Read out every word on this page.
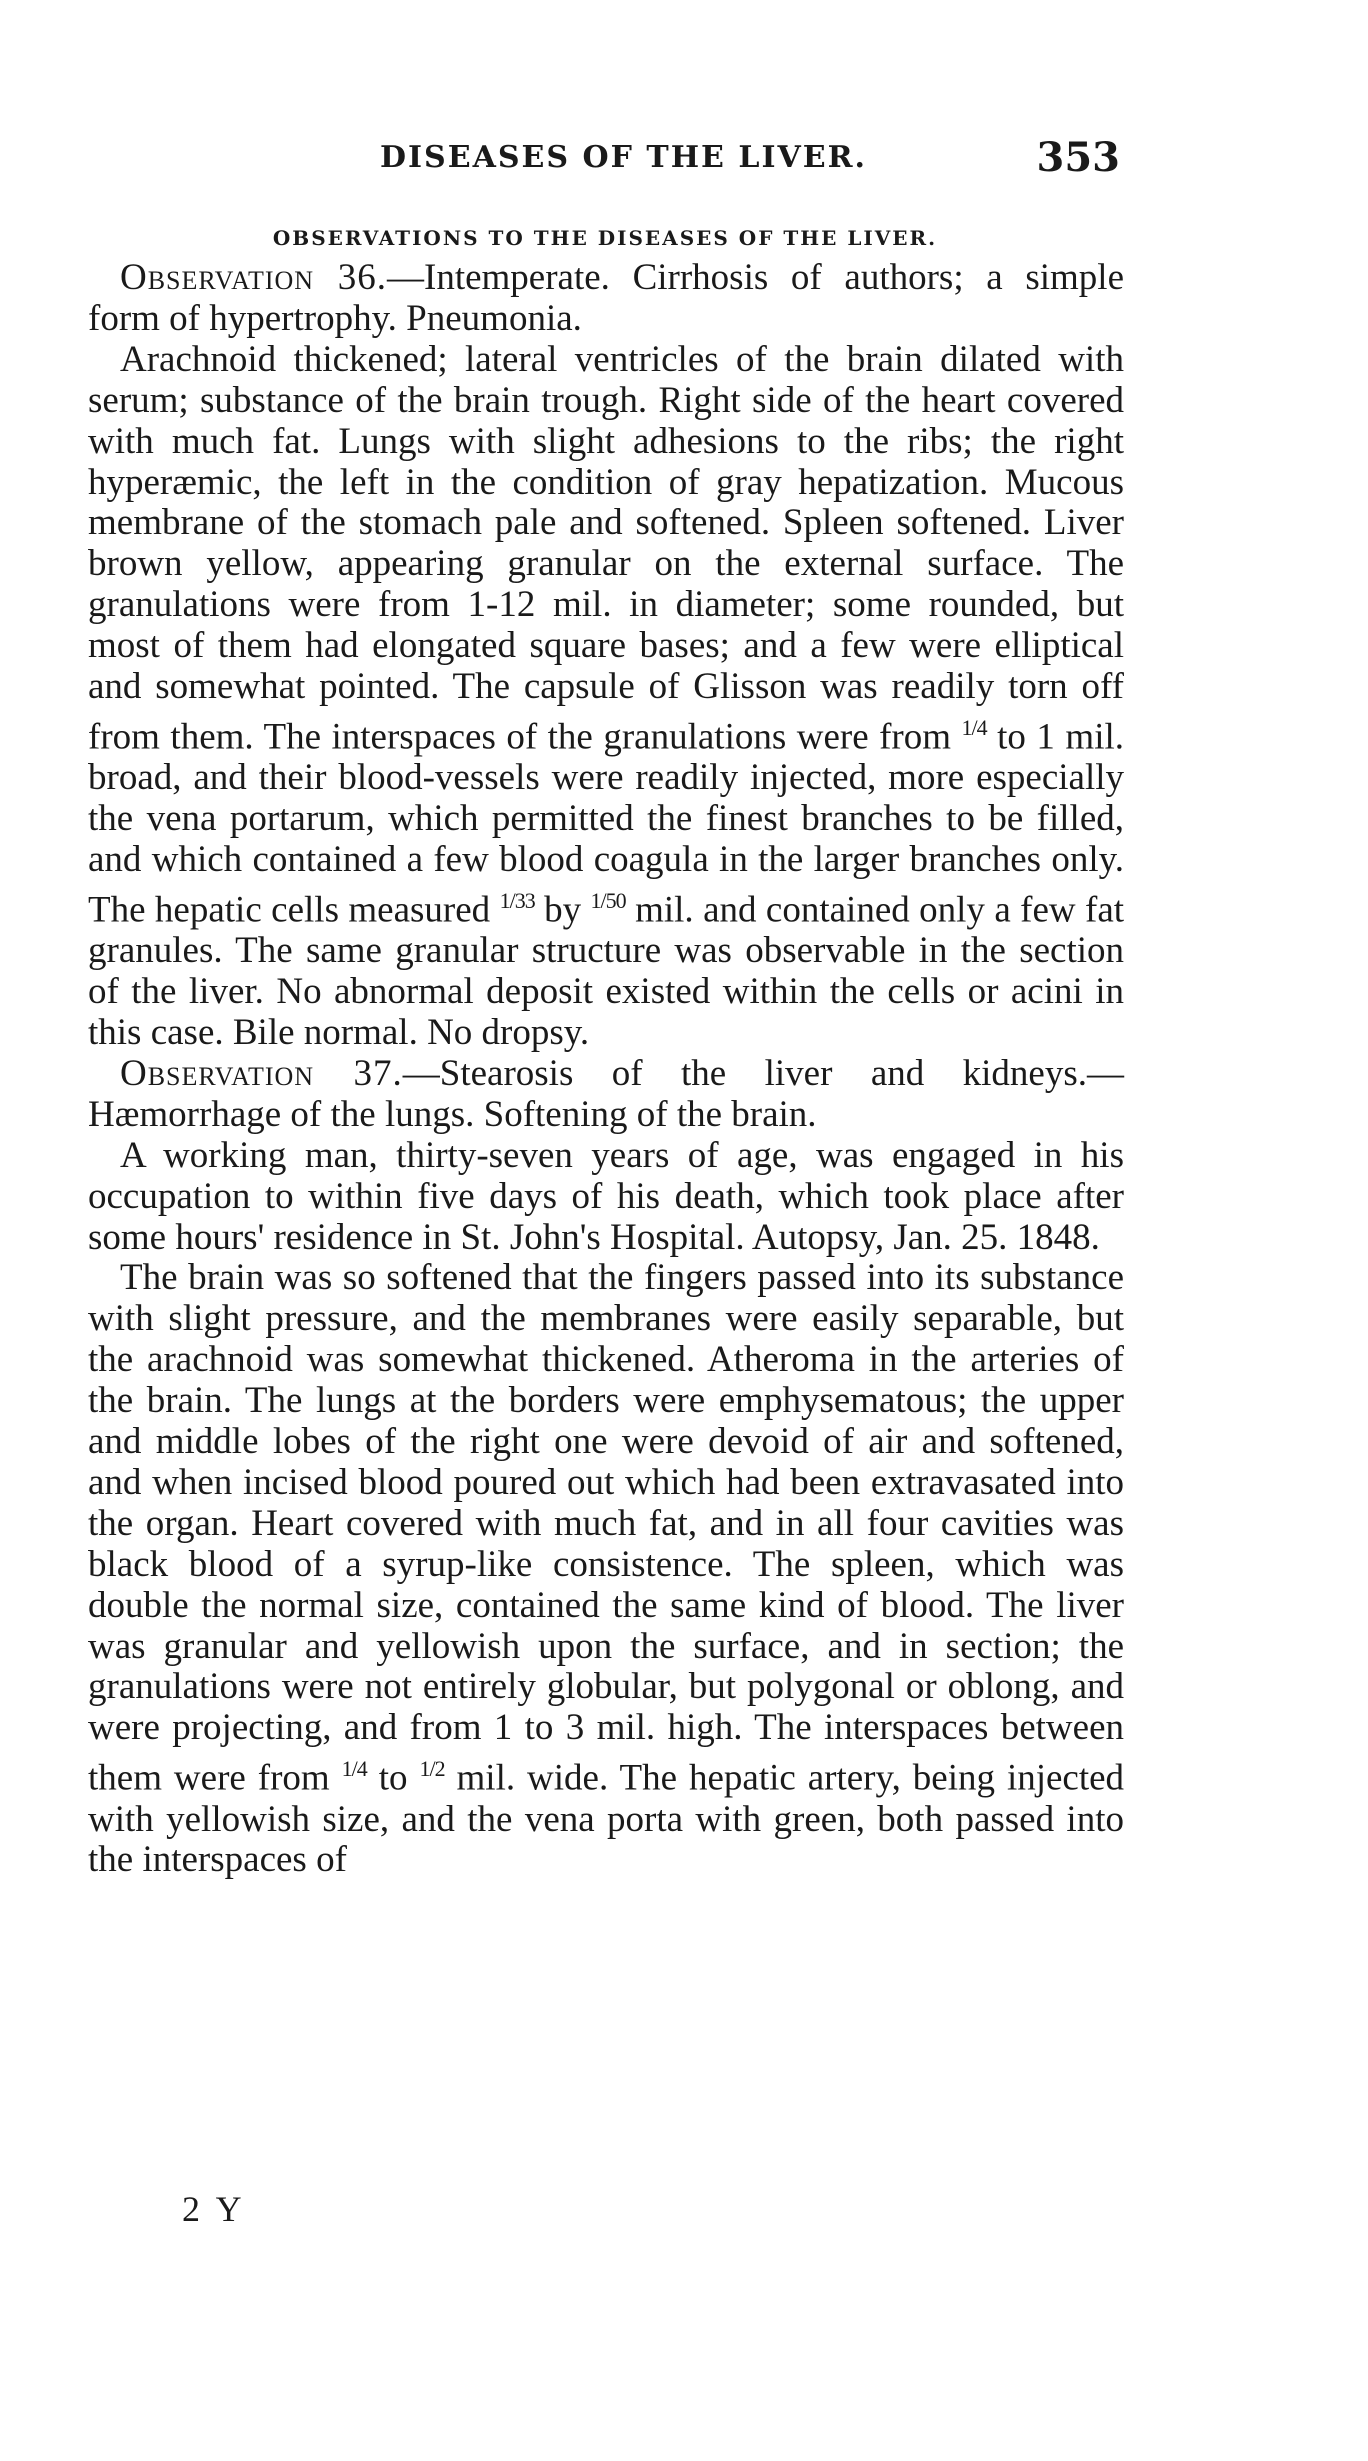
DISEASES OF THE LIVER.	353
OBSERVATIONS TO THE DISEASES OF THE LIVER.

Observation 36.—Intemperate. Cirrhosis of authors; a simple form of hypertrophy. Pneumonia.

Arachnoid thickened; lateral ventricles of the brain dilated with serum; substance of the brain trough. Right side of the heart covered with much fat. Lungs with slight adhesions to the ribs; the right hyperæmic, the left in the condition of gray hepatization. Mucous membrane of the stomach pale and softened. Spleen softened. Liver brown yellow, appearing granular on the external surface. The granulations were from 1-12 mil. in diameter; some rounded, but most of them had elongated square bases; and a few were elliptical and somewhat pointed. The capsule of Glisson was readily torn off from them. The interspaces of the granulations were from $^{1/4}$ to 1 mil. broad, and their blood-vessels were readily injected, more especially the vena portarum, which permitted the finest branches to be filled, and which contained a few blood coagula in the larger branches only. The hepatic cells measured $^{1/33}$ by $^{1/50}$ mil. and contained only a few fat granules. The same granular structure was observable in the section of the liver. No abnormal deposit existed within the cells or acini in this case. Bile normal. No dropsy.

Observation 37.—Stearosis of the liver and kidneys.—Hæmorrhage of the lungs. Softening of the brain.

A working man, thirty-seven years of age, was engaged in his occupation to within five days of his death, which took place after some hours' residence in St. John's Hospital. Autopsy, Jan. 25. 1848.

The brain was so softened that the fingers passed into its substance with slight pressure, and the membranes were easily separable, but the arachnoid was somewhat thickened. Atheroma in the arteries of the brain. The lungs at the borders were emphysematous; the upper and middle lobes of the right one were devoid of air and softened, and when incised blood poured out which had been extravasated into the organ. Heart covered with much fat, and in all four cavities was black blood of a syrup-like consistence. The spleen, which was double the normal size, contained the same kind of blood. The liver was granular and yellowish upon the surface, and in section; the granulations were not entirely globular, but polygonal or oblong, and were projecting, and from 1 to 3 mil. high. The interspaces between them were from $^{1/4}$ to $^{1/2}$ mil. wide. The hepatic artery, being injected with yellowish size, and the vena porta with green, both passed into the interspaces of

2 Y
